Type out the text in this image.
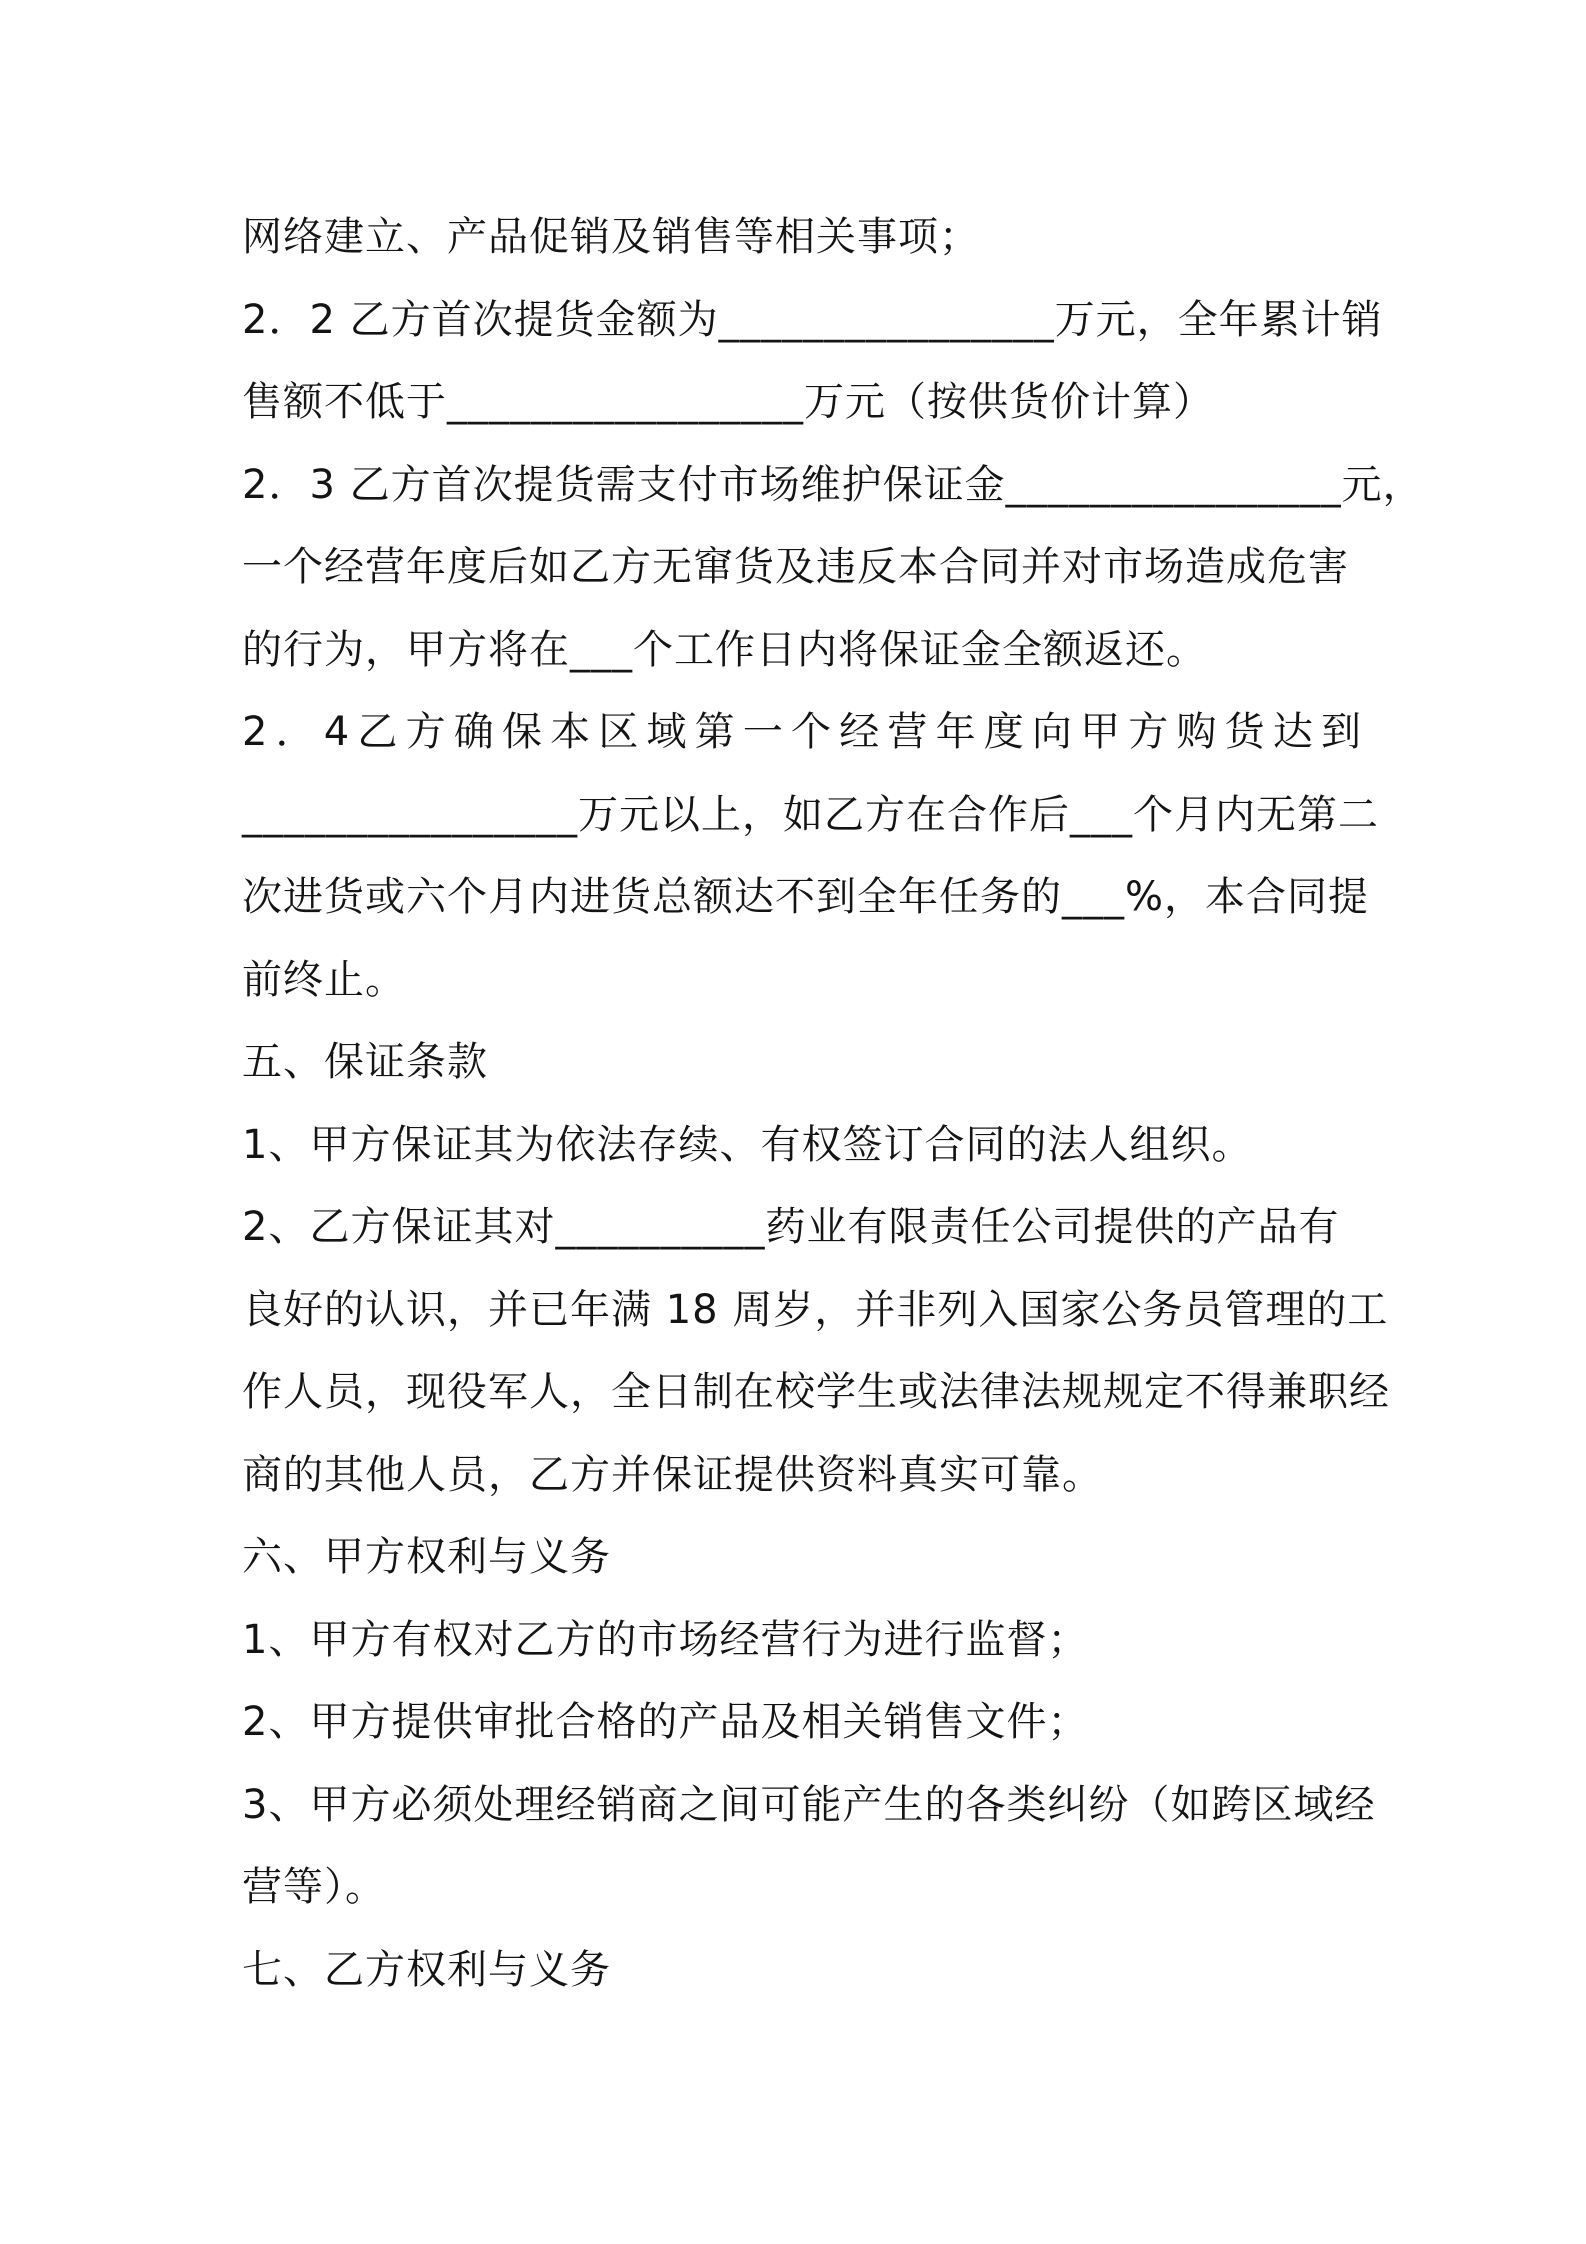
网络建立、产品促销及销售等相关事项；
2．2 乙方首次提货金额为________________万元，全年累计销
售额不低于_________________万元（按供货价计算）
2．3 乙方首次提货需支付市场维护保证金________________元，
一个经营年度后如乙方无窜货及违反本合同并对市场造成危害
的行为，甲方将在___个工作日内将保证金全额返还。
2．4乙方确保本区域第一个经营年度向甲方购货达到
________________万元以上，如乙方在合作后___个月内无第二
次进货或六个月内进货总额达不到全年任务的___%，本合同提
前终止。
五、保证条款
1、甲方保证其为依法存续、有权签订合同的法人组织。
2、乙方保证其对__________药业有限责任公司提供的产品有
良好的认识，并已年满 18 周岁，并非列入国家公务员管理的工
作人员，现役军人，全日制在校学生或法律法规规定不得兼职经
商的其他人员，乙方并保证提供资料真实可靠。
六、甲方权利与义务
1、甲方有权对乙方的市场经营行为进行监督；
2、甲方提供审批合格的产品及相关销售文件；
3、甲方必须处理经销商之间可能产生的各类纠纷（如跨区域经
营等）。
七、乙方权利与义务
